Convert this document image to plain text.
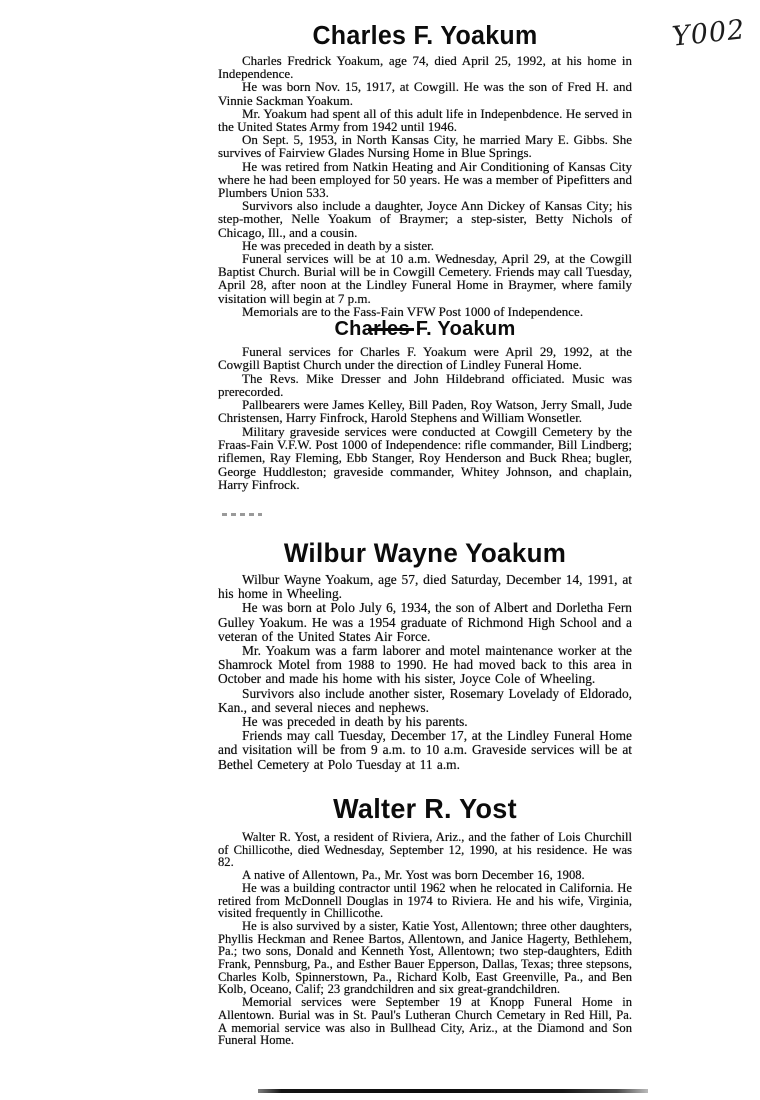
Y002
Charles F. Yoakum

Charles Fredrick Yoakum, age 74, died April 25, 1992, at his home in Independence.

He was born Nov. 15, 1917, at Cowgill. He was the son of Fred H. and Vinnie Sackman Yoakum.

Mr. Yoakum had spent all of this adult life in Indepenbdence. He served in the United States Army from 1942 until 1946.

On Sept. 5, 1953, in North Kansas City, he married Mary E. Gibbs. She survives of Fairview Glades Nursing Home in Blue Springs.

He was retired from Natkin Heating and Air Conditioning of Kansas City where he had been employed for 50 years. He was a member of Pipefitters and Plumbers Union 533.

Survivors also include a daughter, Joyce Ann Dickey of Kansas City; his step-mother, Nelle Yoakum of Braymer; a step-sister, Betty Nichols of Chicago, Ill., and a cousin.

He was preceded in death by a sister.

Funeral services will be at 10 a.m. Wednesday, April 29, at the Cowgill Baptist Church. Burial will be in Cowgill Cemetery. Friends may call Tuesday, April 28, after noon at the Lindley Funeral Home in Braymer, where family visitation will begin at 7 p.m.

Memorials are to the Fass-Fain VFW Post 1000 of Independence.

Charles F. Yoakum

Funeral services for Charles F. Yoakum were April 29, 1992, at the Cowgill Baptist Church under the direction of Lindley Funeral Home.

The Revs. Mike Dresser and John Hildebrand officiated. Music was prerecorded.

Pallbearers were James Kelley, Bill Paden, Roy Watson, Jerry Small, Jude Christensen, Harry Finfrock, Harold Stephens and William Wonsetler.

Military graveside services were conducted at Cowgill Cemetery by the Fraas-Fain V.F.W. Post 1000 of Independence: rifle commander, Bill Lindberg; riflemen, Ray Fleming, Ebb Stanger, Roy Henderson and Buck Rhea; bugler, George Huddleston; graveside commander, Whitey Johnson, and chaplain, Harry Finfrock.

Wilbur Wayne Yoakum

Wilbur Wayne Yoakum, age 57, died Saturday, December 14, 1991, at his home in Wheeling.

He was born at Polo July 6, 1934, the son of Albert and Dorletha Fern Gulley Yoakum. He was a 1954 graduate of Richmond High School and a veteran of the United States Air Force.

Mr. Yoakum was a farm laborer and motel maintenance worker at the Shamrock Motel from 1988 to 1990. He had moved back to this area in October and made his home with his sister, Joyce Cole of Wheeling.

Survivors also include another sister, Rosemary Lovelady of Eldorado, Kan., and several nieces and nephews.

He was preceded in death by his parents.

Friends may call Tuesday, December 17, at the Lindley Funeral Home and visitation will be from 9 a.m. to 10 a.m. Graveside services will be at Bethel Cemetery at Polo Tuesday at 11 a.m.

Walter R. Yost

Walter R. Yost, a resident of Riviera, Ariz., and the father of Lois Churchill of Chillicothe, died Wednesday, September 12, 1990, at his residence. He was 82.

A native of Allentown, Pa., Mr. Yost was born December 16, 1908.

He was a building contractor until 1962 when he relocated in California. He retired from McDonnell Douglas in 1974 to Riviera. He and his wife, Virginia, visited frequently in Chillicothe.

He is also survived by a sister, Katie Yost, Allentown; three other daughters, Phyllis Heckman and Renee Bartos, Allentown, and Janice Hagerty, Bethlehem, Pa.; two sons, Donald and Kenneth Yost, Allentown; two step-daughters, Edith Frank, Pennsburg, Pa., and Esther Bauer Epperson, Dallas, Texas; three stepsons, Charles Kolb, Spinnerstown, Pa., Richard Kolb, East Greenville, Pa., and Ben Kolb, Oceano, Calif; 23 grandchildren and six great-grandchildren.

Memorial services were September 19 at Knopp Funeral Home in Allentown. Burial was in St. Paul's Lutheran Church Cemetary in Red Hill, Pa. A memorial service was also in Bullhead City, Ariz., at the Diamond and Son Funeral Home.
